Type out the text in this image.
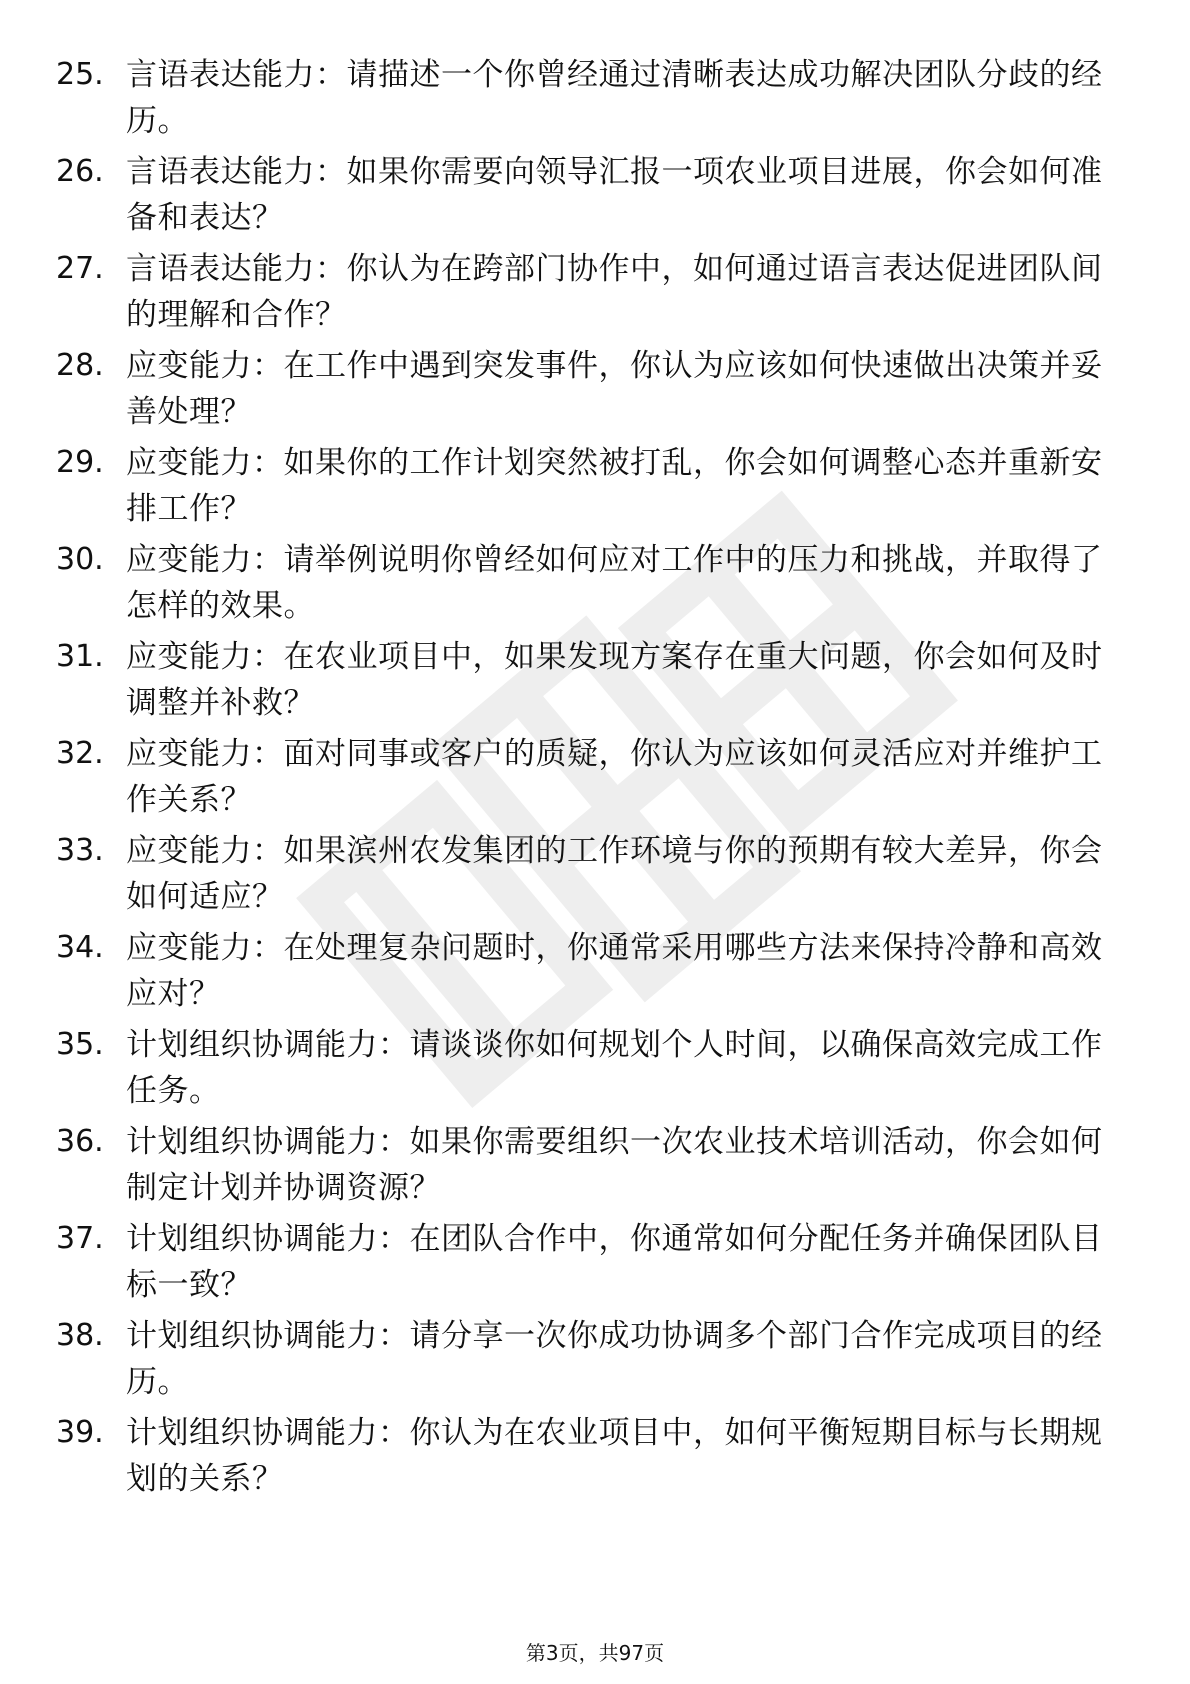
25. 言语表达能力：请描述一个你曾经通过清晰表达成功解决团队分歧的经历。
26. 言语表达能力：如果你需要向领导汇报一项农业项目进展，你会如何准备和表达？
27. 言语表达能力：你认为在跨部门协作中，如何通过语言表达促进团队间的理解和合作？
28. 应变能力：在工作中遇到突发事件，你认为应该如何快速做出决策并妥善处理？
29. 应变能力：如果你的工作计划突然被打乱，你会如何调整心态并重新安排工作？
30. 应变能力：请举例说明你曾经如何应对工作中的压力和挑战，并取得了怎样的效果。
31. 应变能力：在农业项目中，如果发现方案存在重大问题，你会如何及时调整并补救？
32. 应变能力：面对同事或客户的质疑，你认为应该如何灵活应对并维护工作关系？
33. 应变能力：如果滨州农发集团的工作环境与你的预期有较大差异，你会如何适应？
34. 应变能力：在处理复杂问题时，你通常采用哪些方法来保持冷静和高效应对？
35. 计划组织协调能力：请谈谈你如何规划个人时间，以确保高效完成工作任务。
36. 计划组织协调能力：如果你需要组织一次农业技术培训活动，你会如何制定计划并协调资源？
37. 计划组织协调能力：在团队合作中，你通常如何分配任务并确保团队目标一致？
38. 计划组织协调能力：请分享一次你成功协调多个部门合作完成项目的经历。
39. 计划组织协调能力：你认为在农业项目中，如何平衡短期目标与长期规划的关系？
第3页，共97页
